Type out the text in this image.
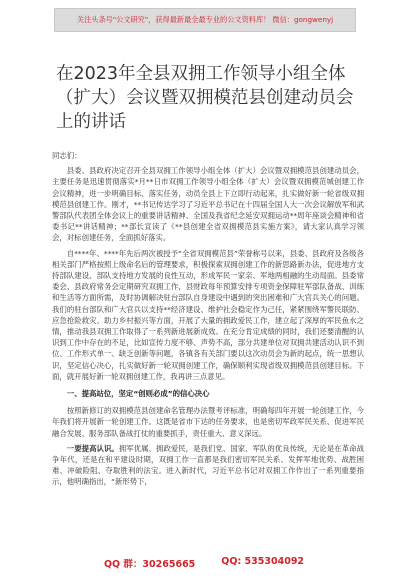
关注头条号"公文研究"，获得最新最全最专业的公文资料库！ 微信：gongwenyj
在2023年全县双拥工作领导小组全体（扩大）会议暨双拥模范县创建动员会上的讲话

同志们：

县委、县政府决定召开全县双拥工作领导小组全体（扩大）会议暨双拥模范县创建动员会，主要任务是迅速贯彻落实*月**日市双拥工作领导小组全体（扩大）会议暨双拥模范城创建工作会议精神，进一步明确目标、落实任务，动员全县上下立即行动起来，扎实做好新一轮省级双拥模范县创建工作。刚才，**书记传达学习了习近平总书记在十四届全国人大一次会议解放军和武警部队代表团全体会议上的重要讲话精神、全国及我省纪念延安双拥运动**周年座谈会精神和省委书记**讲话精神；**部长宣读了《**县创建全省双拥模范县实施方案》，请大家认真学习领会，对标创建任务，全面抓好落实。

自****年、****年先后两次被授予“全省双拥模范县”荣誉称号以来，县委、县政府及各级各相关部门严格按照上级命名后的管理要求，积极探索双拥创建工作的新思路新办法，促进地方支持部队建设、部队支持地方发展的良性互动，形成军民一家亲、军地两相融的生动局面。县委常委会、县政府常务会定期研究双拥工作，县财政每年预算安排专项资金保障驻军部队备战、训练和生活等方面所需，及时协调解决驻台部队自身建设中遇到的突出困难和广大官兵关心的问题。我们的驻台部队和广大官兵以支持**经济建设、维护社会稳定作为己任，紧紧围绕军警民联防、应急抢险救灾、助力乡村振兴等方面，开展了大量的拥政爱民工作，建立起了深厚的军民鱼水之情，推动我县双拥工作取得了一系列新进展新成效。在充分肯定成绩的同时，我们还要清醒的认识到工作中存在的不足，比如宣传力度不够、声势不高，部分共建单位对双拥共建活动认识不到位、工作形式单一、缺乏创新等问题，各镇各有关部门要以这次动员会为新的起点，统一思想认识，坚定信心决心，扎实做好新一轮双拥创建工作，确保顺利实现省级双拥模范县创建目标。下面，就开展好新一轮双拥创建工作，我再讲三点意见。

一、提高站位，坚定“创则必成”的信心决心

按照新修订的双拥模范县创建命名管理办法暨考评标准，明确每四年开展一轮创建工作，今年我们将开展新一轮创建工作。这既是省市下达的任务要求，也是密切军政军民关系、促进军民融合发展、服务部队备战打仗的重要抓手，责任重大、意义深远。

一要提高认识。拥军优属、拥政爱民，是我们党、国家、军队的优良传统，无论是在革命战争年代，还是在和平建设时期，双拥工作一直都是我们密切军民关系、发挥军地优势、战胜困难、冲破险阻、夺取胜利的法宝。进入新时代，习近平总书记对双拥工作作出了一系列重要指示，他明确指出，“新形势下，

QQ 群：30265665	QQ: 535304092
